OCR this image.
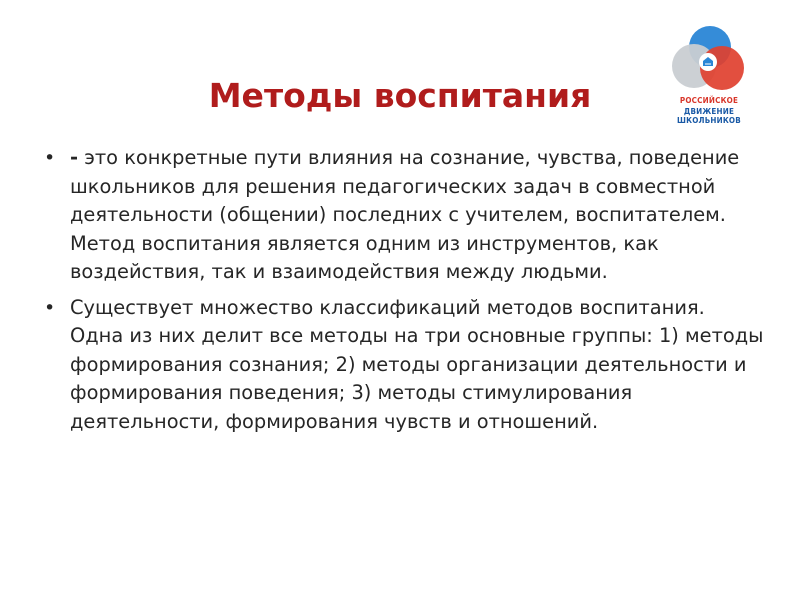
РОССИЙСКОЕ
ДВИЖЕНИЕ ШКОЛЬНИКОВ
Методы воспитания
• - это конкретные пути влияния на сознание, чувства, поведение школьников для решения педагогических задач в совместной деятельности (общении) последних с учителем, воспитателем. Метод воспитания является одним из инструментов, как воздействия, так и взаимодействия между людьми.
• Существует множество классификаций методов воспитания. Одна из них делит все методы на три основные группы: 1) методы формирования сознания; 2) методы организации деятельности и формирования поведения; 3) методы стимулирования деятельности, формирования чувств и отношений.
